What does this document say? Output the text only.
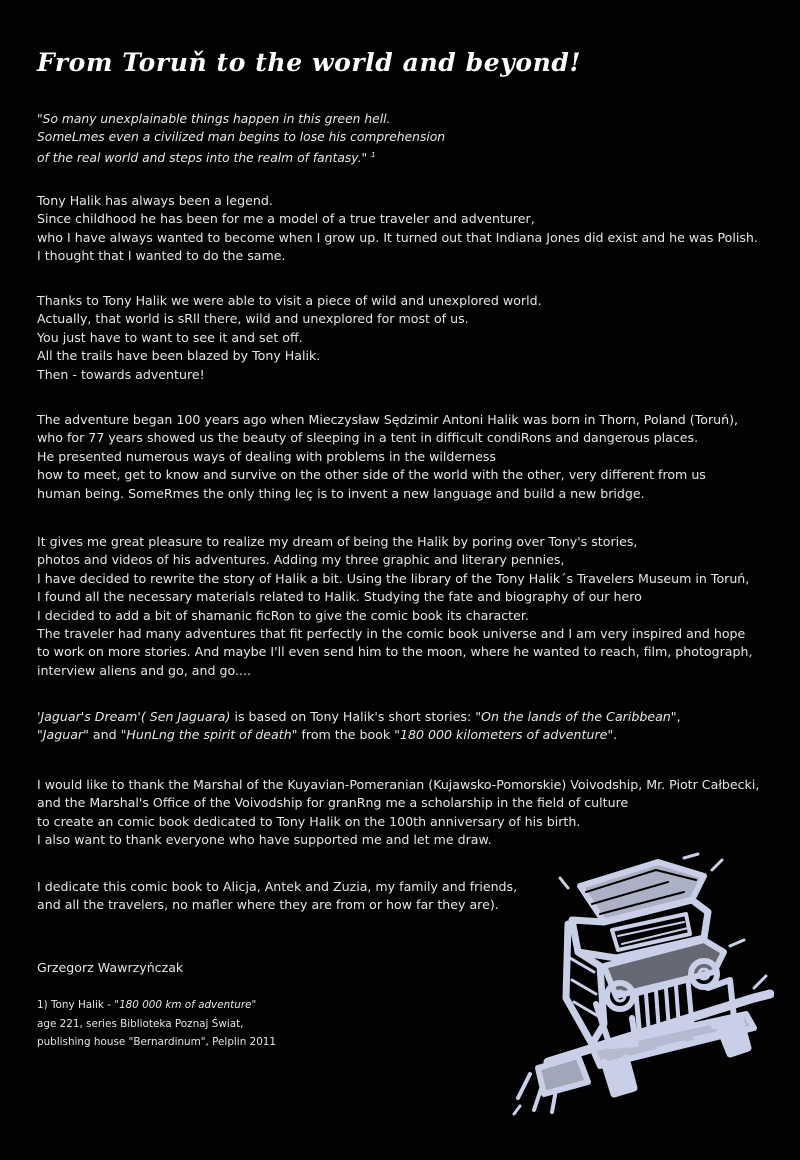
From Toruň to the world and beyond!
"So many unexplainable things happen in this green hell.
SomeLmes even a civilized man begins to lose his comprehension
of the real world and steps into the realm of fantasy." $^1$
Tony Halik has always been a legend.
Since childhood he has been for me a model of a true traveler and adventurer,
who I have always wanted to become when I grow up. It turned out that Indiana Jones did exist and he was Polish.
I thought that I wanted to do the same.
Thanks to Tony Halik we were able to visit a piece of wild and unexplored world.
Actually, that world is sRll there, wild and unexplored for most of us.
You just have to want to see it and set off.
All the trails have been blazed by Tony Halik.
Then - towards adventure!
The adventure began 100 years ago when Mieczysław Sędzimir Antoni Halik was born in Thorn, Poland (Toruń),
who for 77 years showed us the beauty of sleeping in a tent in difficult condiRons and dangerous places.
He presented numerous ways of dealing with problems in the wilderness
how to meet, get to know and survive on the other side of the world with the other, very different from us
human being. SomeRmes the only thing leç is to invent a new language and build a new bridge.
It gives me great pleasure to realize my dream of being the Halik by poring over Tony's stories,
photos and videos of his adventures. Adding my three graphic and literary pennies,
I have decided to rewrite the story of Halik a bit. Using the library of the Tony Halik´s Travelers Museum in Toruń,
I found all the necessary materials related to Halik. Studying the fate and biography of our hero
I decided to add a bit of shamanic ficRon to give the comic book its character.
The traveler had many adventures that fit perfectly in the comic book universe and I am very inspired and hope
to work on more stories. And maybe I'll even send him to the moon, where he wanted to reach, film, photograph,
interview aliens and go, and go....
'Jaguar's Dream'( Sen Jaguara) is based on Tony Halik's short stories: "On the lands of the Caribbean",
"Jaguar" and "HunLng the spirit of death" from the book "180 000 kilometers of adventure".
I would like to thank the Marshal of the Kuyavian-Pomeranian (Kujawsko-Pomorskie) Voivodship, Mr. Piotr Całbecki,
and the Marshal's Office of the Voivodship for granRng me a scholarship in the field of culture
to create an comic book dedicated to Tony Halik on the 100th anniversary of his birth.
I also want to thank everyone who have supported me and let me draw.
I dedicate this comic book to Alicja, Antek and Zuzia, my family and friends,
and all the travelers, no mafler where they are from or how far they are).

Grzegorz Wawrzyńczak

1) Tony Halik - "180 000 km of adventure"
age 221, series Biblioteka Poznaj Świat,
publishing house "Bernardinum", Pelplin 2011
